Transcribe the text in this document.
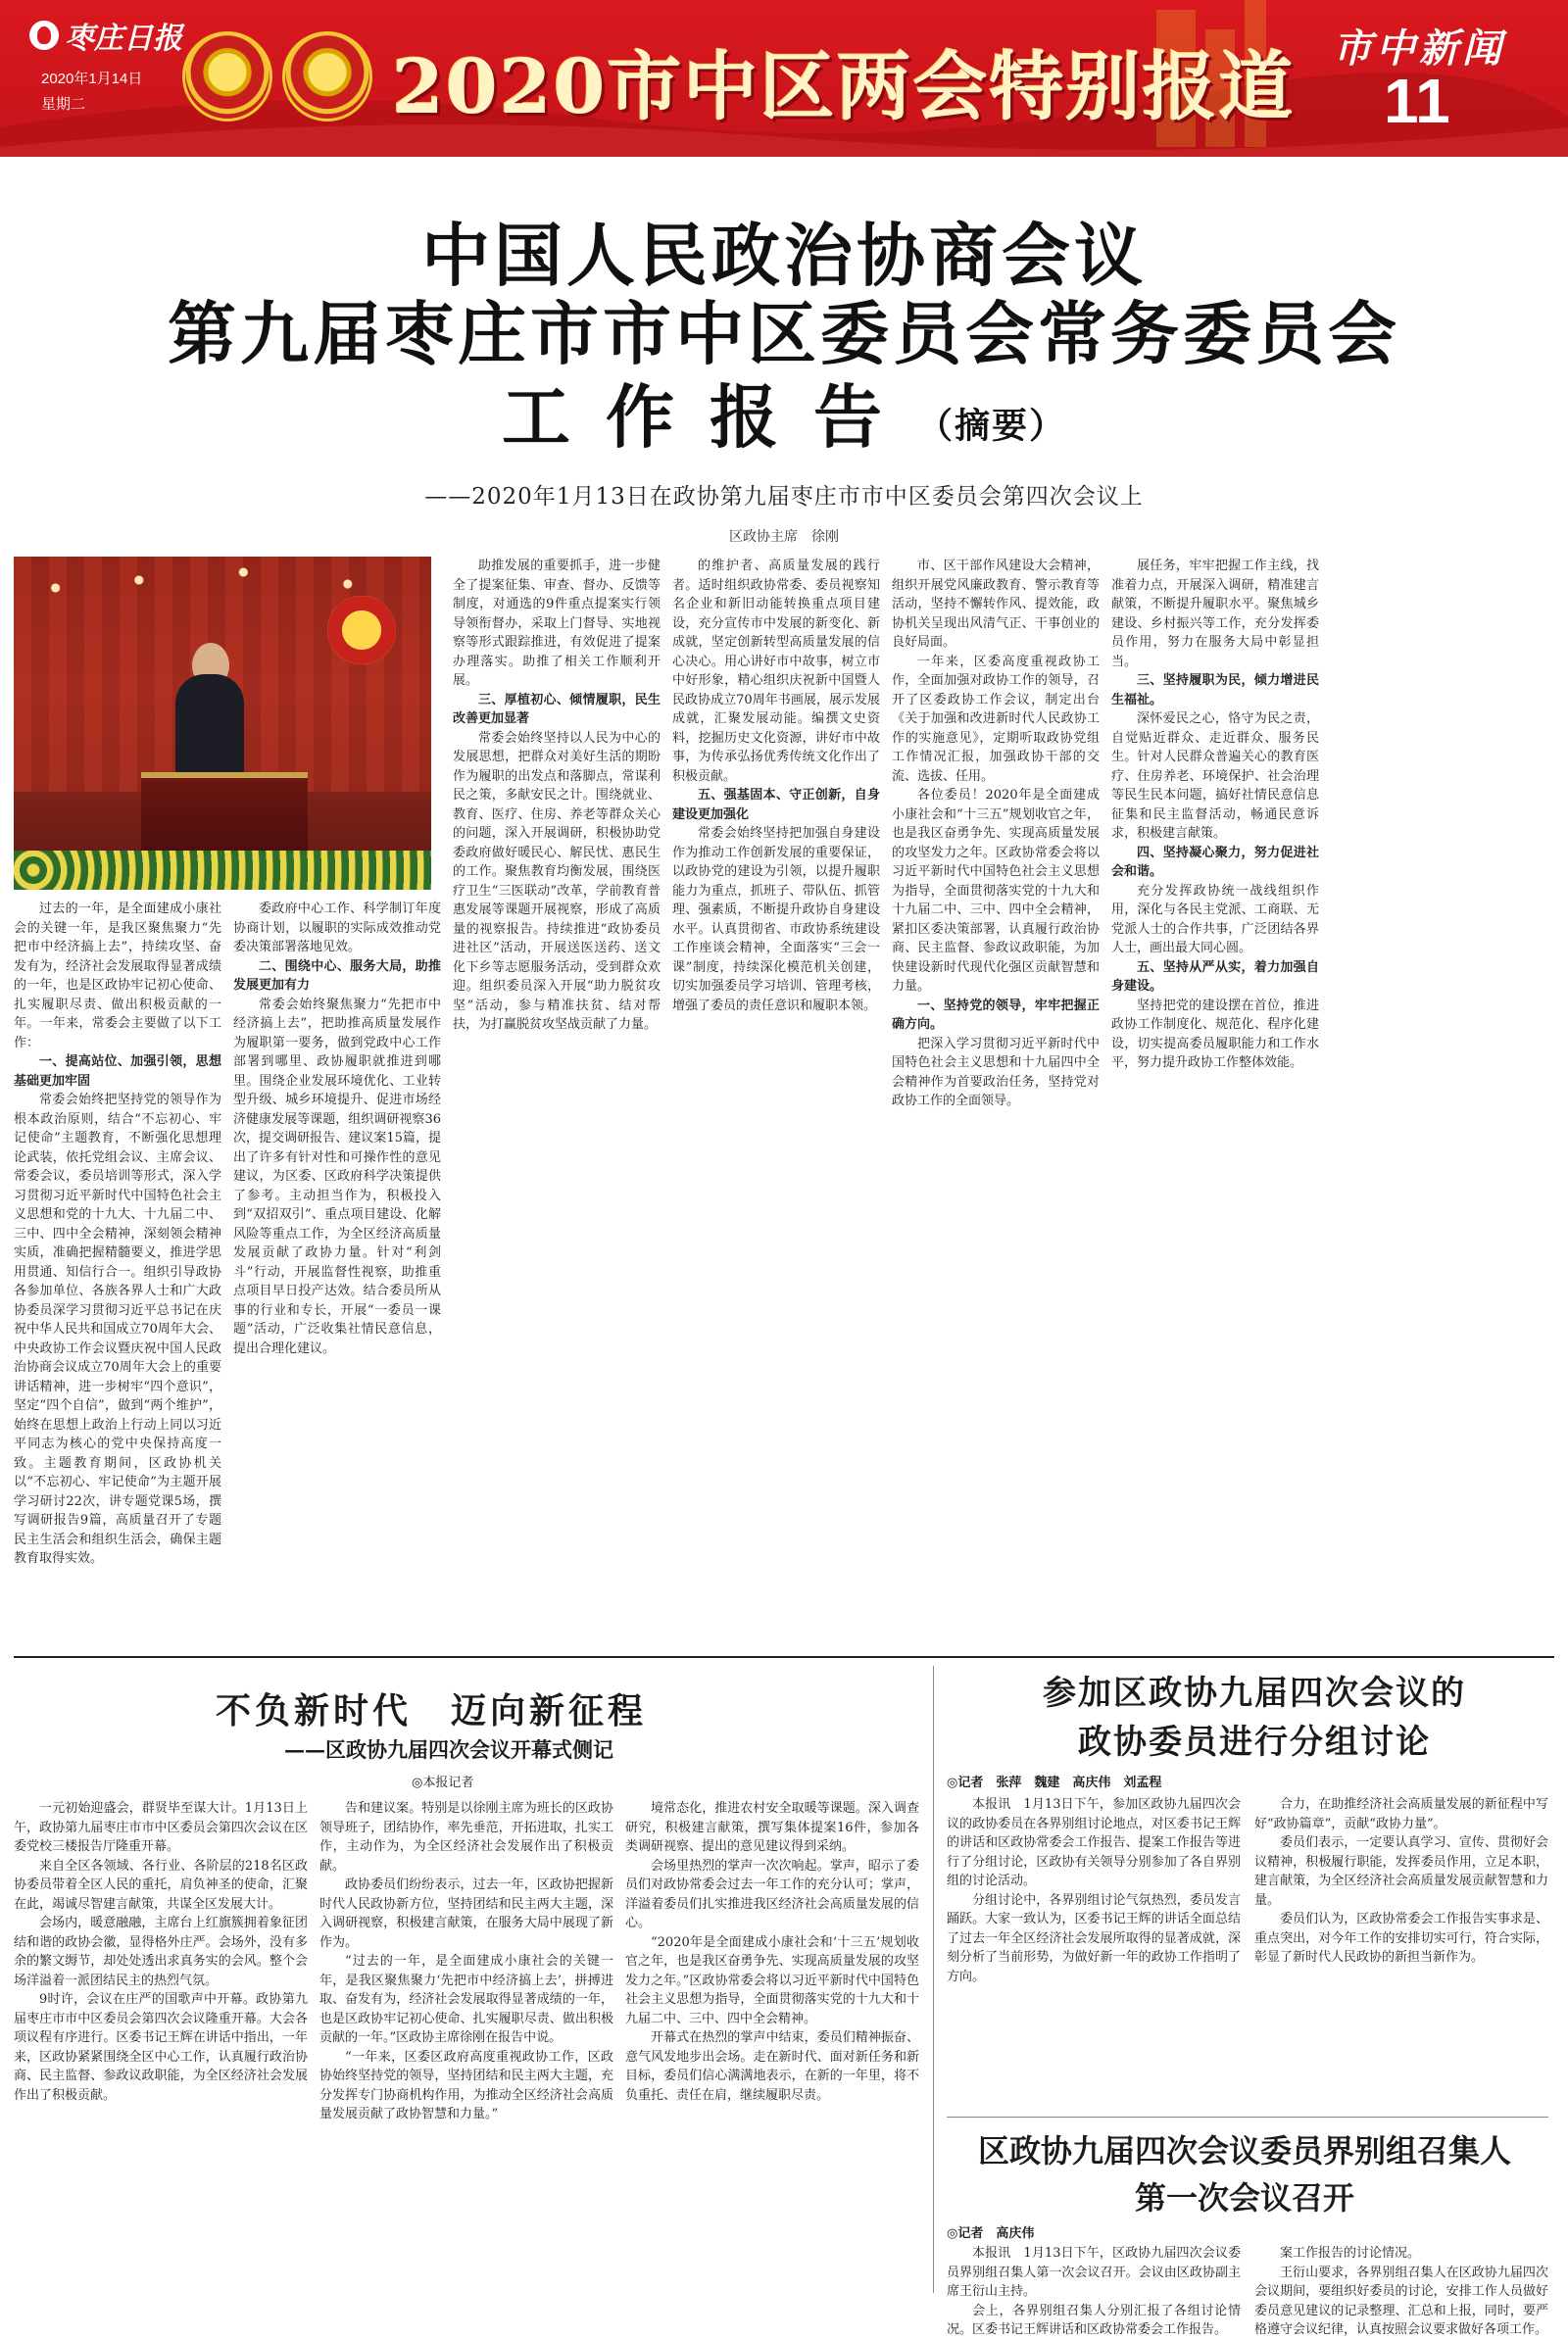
枣庄日报
2020年1月14日
星期二	2020市中区两会特别报道 市中新闻
11
中国人民政治协商会议
第九届枣庄市市中区委员会常务委员会
工作报告（摘要）
——2020年1月13日在政协第九届枣庄市市中区委员会第四次会议上
区政协主席　徐刚

过去的一年，是全面建成小康社会的关键一年，是我区聚焦聚力“先把市中经济搞上去”，持续攻坚、奋发有为，经济社会发展取得显著成绩的一年，也是区政协牢记初心使命、扎实履职尽责、做出积极贡献的一年。一年来，常委会主要做了以下工作：

一、提高站位、加强引领，思想基础更加牢固

常委会始终把坚持党的领导作为根本政治原则，结合“不忘初心、牢记使命”主题教育，不断强化思想理论武装，依托党组会议、主席会议、常委会议，委员培训等形式，深入学习贯彻习近平新时代中国特色社会主义思想和党的十九大、十九届二中、三中、四中全会精神，深刻领会精神实质，准确把握精髓要义，推进学思用贯通、知信行合一。组织引导政协各参加单位、各族各界人士和广大政协委员深学习贯彻习近平总书记在庆祝中华人民共和国成立70周年大会、中央政协工作会议暨庆祝中国人民政治协商会议成立70周年大会上的重要讲话精神，进一步树牢“四个意识”，坚定“四个自信”，做到“两个维护”，始终在思想上政治上行动上同以习近平同志为核心的党中央保持高度一致。主题教育期间，区政协机关以“不忘初心、牢记使命”为主题开展学习研讨22次，讲专题党课5场，撰写调研报告9篇，高质量召开了专题民主生活会和组织生活会，确保主题教育取得实效。

委政府中心工作、科学制订年度协商计划，以履职的实际成效推动党委决策部署落地见效。

二、围绕中心、服务大局，助推发展更加有力

常委会始终聚焦聚力“先把市中经济搞上去”，把助推高质量发展作为履职第一要务，做到党政中心工作部署到哪里、政协履职就推进到哪里。围绕企业发展环境优化、工业转型升级、城乡环境提升、促进市场经济健康发展等课题，组织调研视察36次，提交调研报告、建议案15篇，提出了许多有针对性和可操作性的意见建议，为区委、区政府科学决策提供了参考。主动担当作为，积极投入到“双招双引”、重点项目建设、化解风险等重点工作，为全区经济高质量发展贡献了政协力量。针对“利剑斗”行动，开展监督性视察，助推重点项目早日投产达效。结合委员所从事的行业和专长，开展“一委员一课题”活动，广泛收集社情民意信息，提出合理化建议。

助推发展的重要抓手，进一步健全了提案征集、审查、督办、反馈等制度，对通选的9件重点提案实行领导领衔督办，采取上门督导、实地视察等形式跟踪推进，有效促进了提案办理落实。助推了相关工作顺利开展。

三、厚植初心、倾情履职，民生改善更加显著

常委会始终坚持以人民为中心的发展思想，把群众对美好生活的期盼作为履职的出发点和落脚点，常谋利民之策，多献安民之计。围绕就业、教育、医疗、住房、养老等群众关心的问题，深入开展调研，积极协助党委政府做好暖民心、解民忧、惠民生的工作。聚焦教育均衡发展，围绕医疗卫生“三医联动”改革，学前教育普惠发展等课题开展视察，形成了高质量的视察报告。持续推进“政协委员进社区”活动，开展送医送药、送文化下乡等志愿服务活动，受到群众欢迎。组织委员深入开展“助力脱贫攻坚”活动，参与精准扶贫、结对帮扶，为打赢脱贫攻坚战贡献了力量。

的维护者、高质量发展的践行者。适时组织政协常委、委员视察知名企业和新旧动能转换重点项目建设，充分宣传市中发展的新变化、新成就，坚定创新转型高质量发展的信心决心。用心讲好市中故事，树立市中好形象，精心组织庆祝新中国暨人民政协成立70周年书画展，展示发展成就，汇聚发展动能。编撰文史资料，挖掘历史文化资源，讲好市中故事，为传承弘扬优秀传统文化作出了积极贡献。

五、强基固本、守正创新，自身建设更加强化

常委会始终坚持把加强自身建设作为推动工作创新发展的重要保证，以政协党的建设为引领，以提升履职能力为重点，抓班子、带队伍、抓管理、强素质，不断提升政协自身建设水平。认真贯彻省、市政协系统建设工作座谈会精神，全面落实“三会一课”制度，持续深化模范机关创建，切实加强委员学习培训、管理考核，增强了委员的责任意识和履职本领。

市、区干部作风建设大会精神，组织开展党风廉政教育、警示教育等活动，坚持不懈转作风、提效能，政协机关呈现出风清气正、干事创业的良好局面。

一年来，区委高度重视政协工作，全面加强对政协工作的领导，召开了区委政协工作会议，制定出台《关于加强和改进新时代人民政协工作的实施意见》，定期听取政协党组工作情况汇报，加强政协干部的交流、选拔、任用。

各位委员！2020年是全面建成小康社会和“十三五”规划收官之年，也是我区奋勇争先、实现高质量发展的攻坚发力之年。区政协常委会将以习近平新时代中国特色社会主义思想为指导，全面贯彻落实党的十九大和十九届二中、三中、四中全会精神，紧扣区委决策部署，认真履行政治协商、民主监督、参政议政职能，为加快建设新时代现代化强区贡献智慧和力量。

一、坚持党的领导，牢牢把握正确方向。

把深入学习贯彻习近平新时代中国特色社会主义思想和十九届四中全会精神作为首要政治任务，坚持党对政协工作的全面领导。

展任务，牢牢把握工作主线，找准着力点，开展深入调研，精准建言献策，不断提升履职水平。聚焦城乡建设、乡村振兴等工作，充分发挥委员作用，努力在服务大局中彰显担当。

三、坚持履职为民，倾力增进民生福祉。

深怀爱民之心，恪守为民之责，自觉贴近群众、走近群众、服务民生。针对人民群众普遍关心的教育医疗、住房养老、环境保护、社会治理等民生民本问题，搞好社情民意信息征集和民主监督活动，畅通民意诉求，积极建言献策。

四、坚持凝心聚力，努力促进社会和谐。

充分发挥政协统一战线组织作用，深化与各民主党派、工商联、无党派人士的合作共事，广泛团结各界人士，画出最大同心圆。

五、坚持从严从实，着力加强自身建设。

坚持把党的建设摆在首位，推进政协工作制度化、规范化、程序化建设，切实提高委员履职能力和工作水平，努力提升政协工作整体效能。

不负新时代　迈向新征程
——区政协九届四次会议开幕式侧记
◎本报记者

一元初始迎盛会，群贤毕至谋大计。1月13日上午，政协第九届枣庄市市中区委员会第四次会议在区委党校三楼报告厅隆重开幕。

来自全区各领域、各行业、各阶层的218名区政协委员带着全区人民的重托，肩负神圣的使命，汇聚在此，竭诚尽智建言献策，共谋全区发展大计。

会场内，暖意融融，主席台上红旗簇拥着象征团结和谐的政协会徽，显得格外庄严。会场外，没有多余的繁文缛节，却处处透出求真务实的会风。整个会场洋溢着一派团结民主的热烈气氛。

9时许，会议在庄严的国歌声中开幕。政协第九届枣庄市市中区委员会第四次会议隆重开幕。大会各项议程有序进行。区委书记王辉在讲话中指出，一年来，区政协紧紧围绕全区中心工作，认真履行政治协商、民主监督、参政议政职能，为全区经济社会发展作出了积极贡献。

告和建议案。特别是以徐刚主席为班长的区政协领导班子，团结协作，率先垂范，开拓进取，扎实工作，主动作为，为全区经济社会发展作出了积极贡献。

政协委员们纷纷表示，过去一年，区政协把握新时代人民政协新方位，坚持团结和民主两大主题，深入调研视察，积极建言献策，在服务大局中展现了新作为。

“过去的一年，是全面建成小康社会的关键一年，是我区聚焦聚力‘先把市中经济搞上去’，拼搏进取、奋发有为，经济社会发展取得显著成绩的一年，也是区政协牢记初心使命、扎实履职尽责、做出积极贡献的一年。”区政协主席徐刚在报告中说。

“一年来，区委区政府高度重视政协工作，区政协始终坚持党的领导，坚持团结和民主两大主题，充分发挥专门协商机构作用，为推动全区经济社会高质量发展贡献了政协智慧和力量。”

境常态化，推进农村安全取暖等课题。深入调查研究，积极建言献策，撰写集体提案16件，参加各类调研视察、提出的意见建议得到采纳。

会场里热烈的掌声一次次响起。掌声，昭示了委员们对政协常委会过去一年工作的充分认可；掌声，洋溢着委员们扎实推进我区经济社会高质量发展的信心。

“2020年是全面建成小康社会和‘十三五’规划收官之年，也是我区奋勇争先、实现高质量发展的攻坚发力之年。”区政协常委会将以习近平新时代中国特色社会主义思想为指导，全面贯彻落实党的十九大和十九届二中、三中、四中全会精神。

开幕式在热烈的掌声中结束，委员们精神振奋、意气风发地步出会场。走在新时代、面对新任务和新目标，委员们信心满满地表示，在新的一年里，将不负重托、责任在肩，继续履职尽责。

参加区政协九届四次会议的
政协委员进行分组讨论
◎记者　张萍　魏建　高庆伟　刘孟程

本报讯　1月13日下午，参加区政协九届四次会议的政协委员在各界别组讨论地点，对区委书记王辉的讲话和区政协常委会工作报告、提案工作报告等进行了分组讨论，区政协有关领导分别参加了各自界别组的讨论活动。

分组讨论中，各界别组讨论气氛热烈，委员发言踊跃。大家一致认为，区委书记王辉的讲话全面总结了过去一年全区经济社会发展所取得的显著成就，深刻分析了当前形势，为做好新一年的政协工作指明了方向。

合力，在助推经济社会高质量发展的新征程中写好“政协篇章”，贡献“政协力量”。

委员们表示，一定要认真学习、宣传、贯彻好会议精神，积极履行职能，发挥委员作用，立足本职，建言献策，为全区经济社会高质量发展贡献智慧和力量。

委员们认为，区政协常委会工作报告实事求是、重点突出，对今年工作的安排切实可行，符合实际，彰显了新时代人民政协的新担当新作为。

区政协九届四次会议委员界别组召集人
第一次会议召开
◎记者　高庆伟

本报讯　1月13日下午，区政协九届四次会议委员界别组召集人第一次会议召开。会议由区政协副主席王衍山主持。

会上，各界别组召集人分别汇报了各组讨论情况。区委书记王辉讲话和区政协常委会工作报告。

案工作报告的讨论情况。

王衍山要求，各界别组召集人在区政协九届四次会议期间，要组织好委员的讨论，安排工作人员做好委员意见建议的记录整理、汇总和上报，同时，要严格遵守会议纪律，认真按照会议要求做好各项工作。
